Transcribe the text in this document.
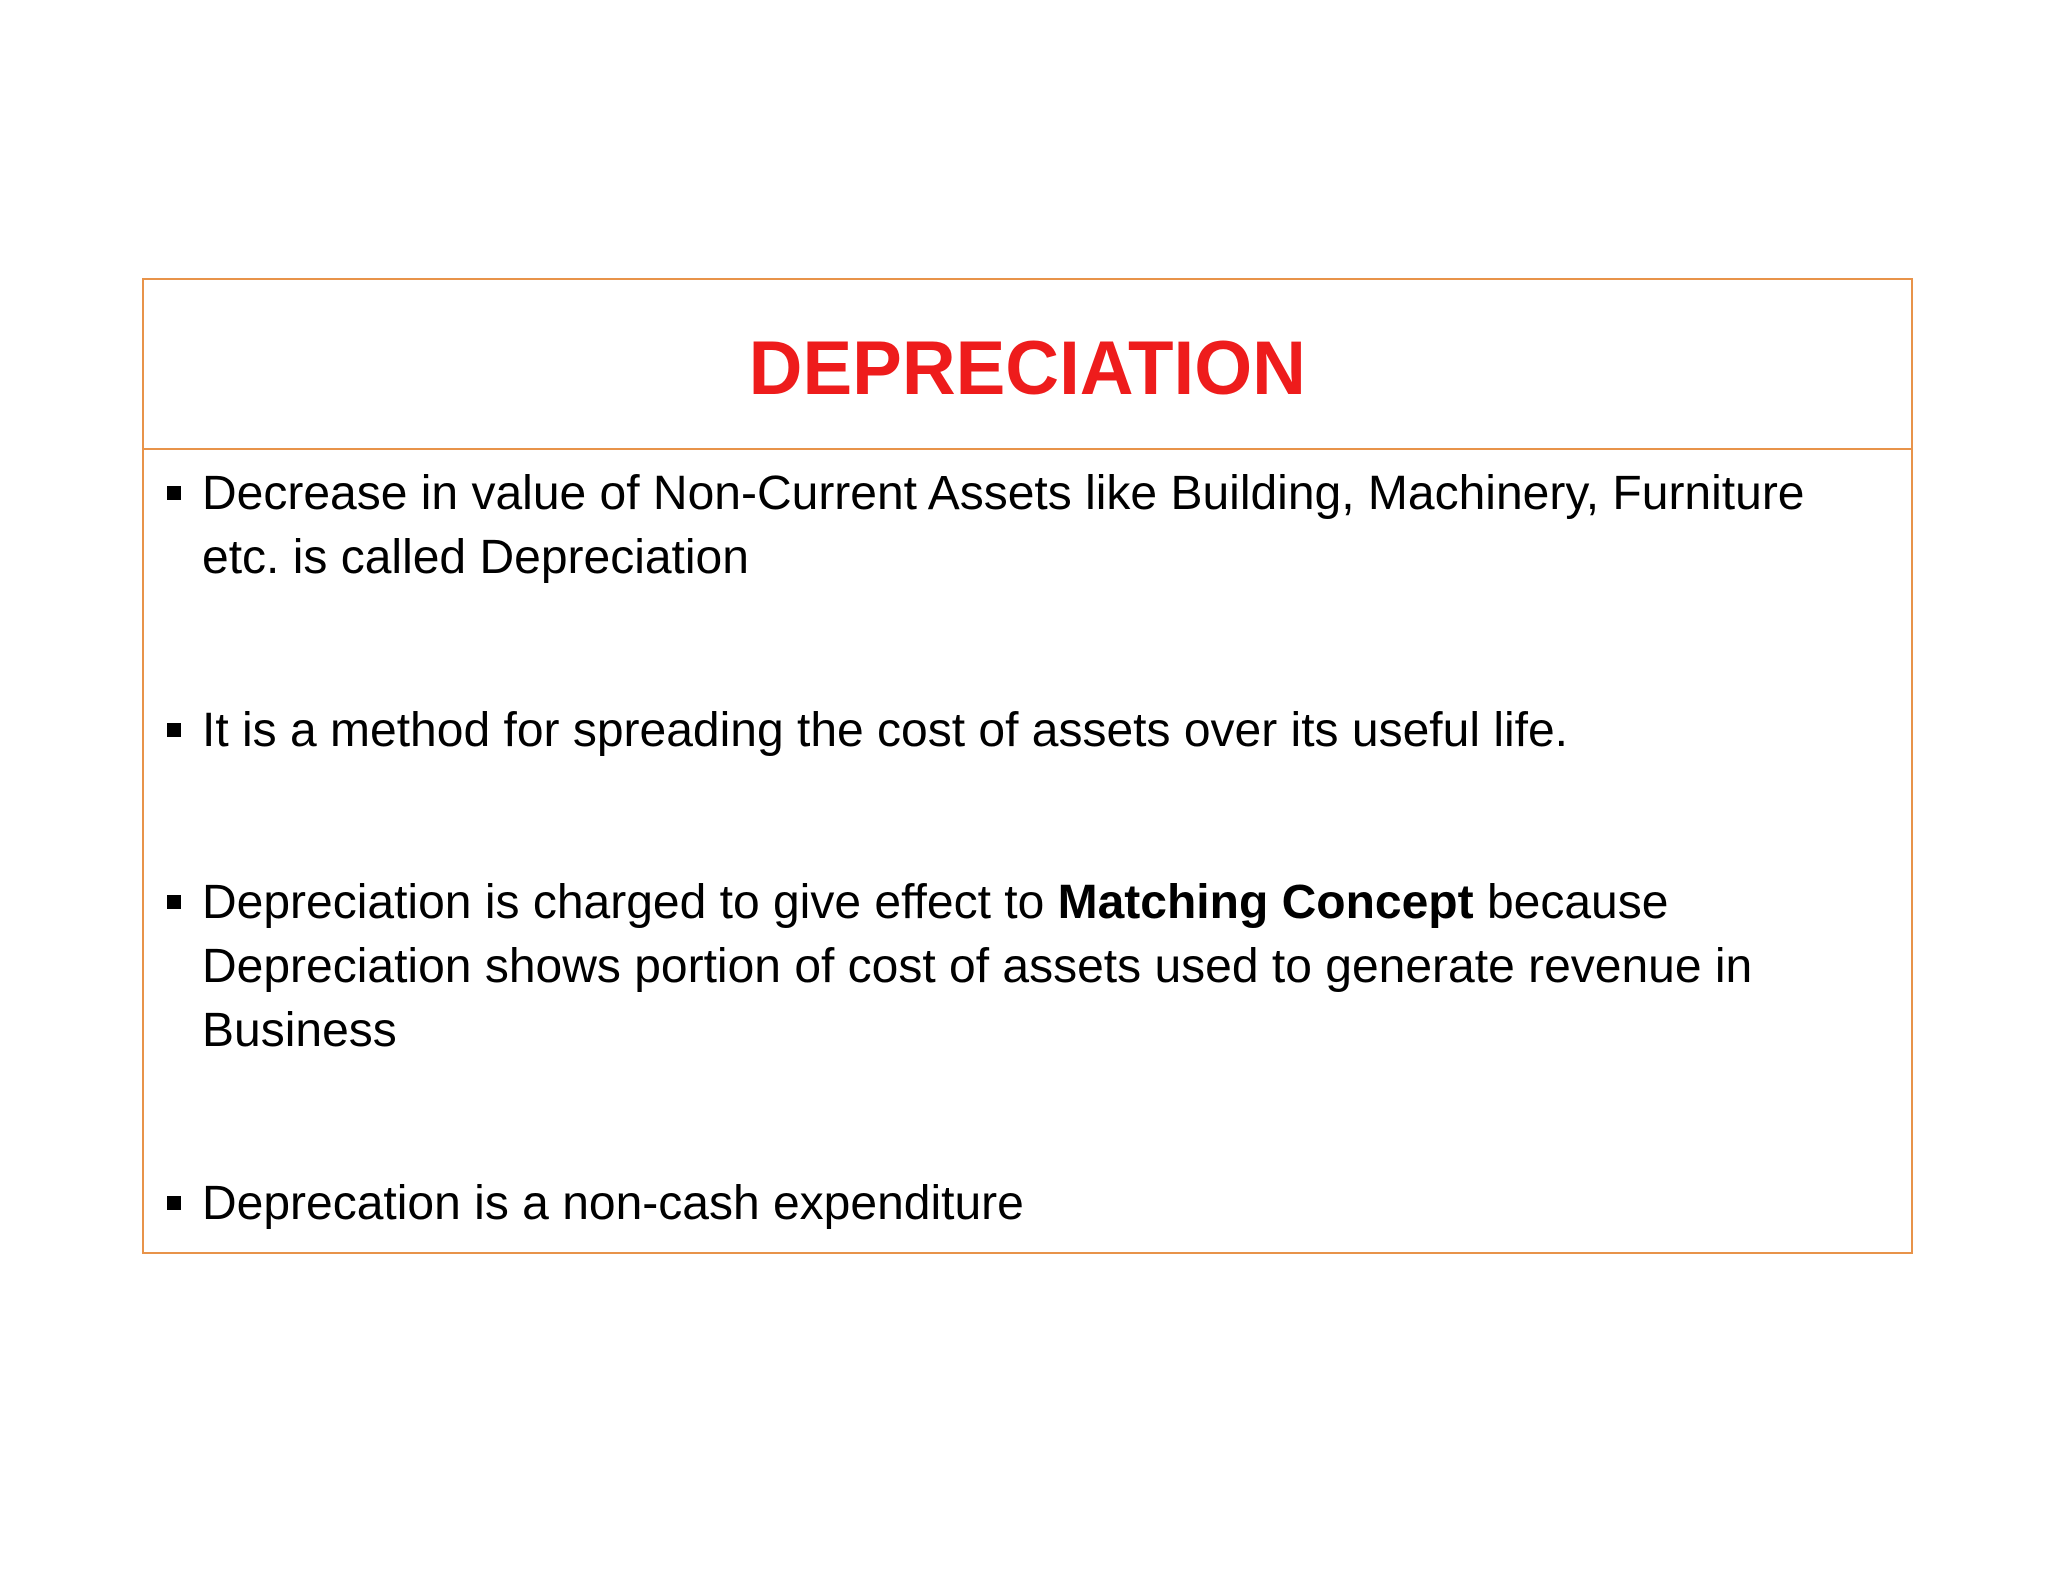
DEPRECIATION
Decrease in value of Non-Current Assets like Building, Machinery, Furniture etc. is called Depreciation
It is a method for spreading the cost of assets over its useful life.
Depreciation is charged to give effect to Matching Concept because Depreciation shows portion of cost of assets used to generate revenue in Business
Deprecation is a non-cash expenditure
